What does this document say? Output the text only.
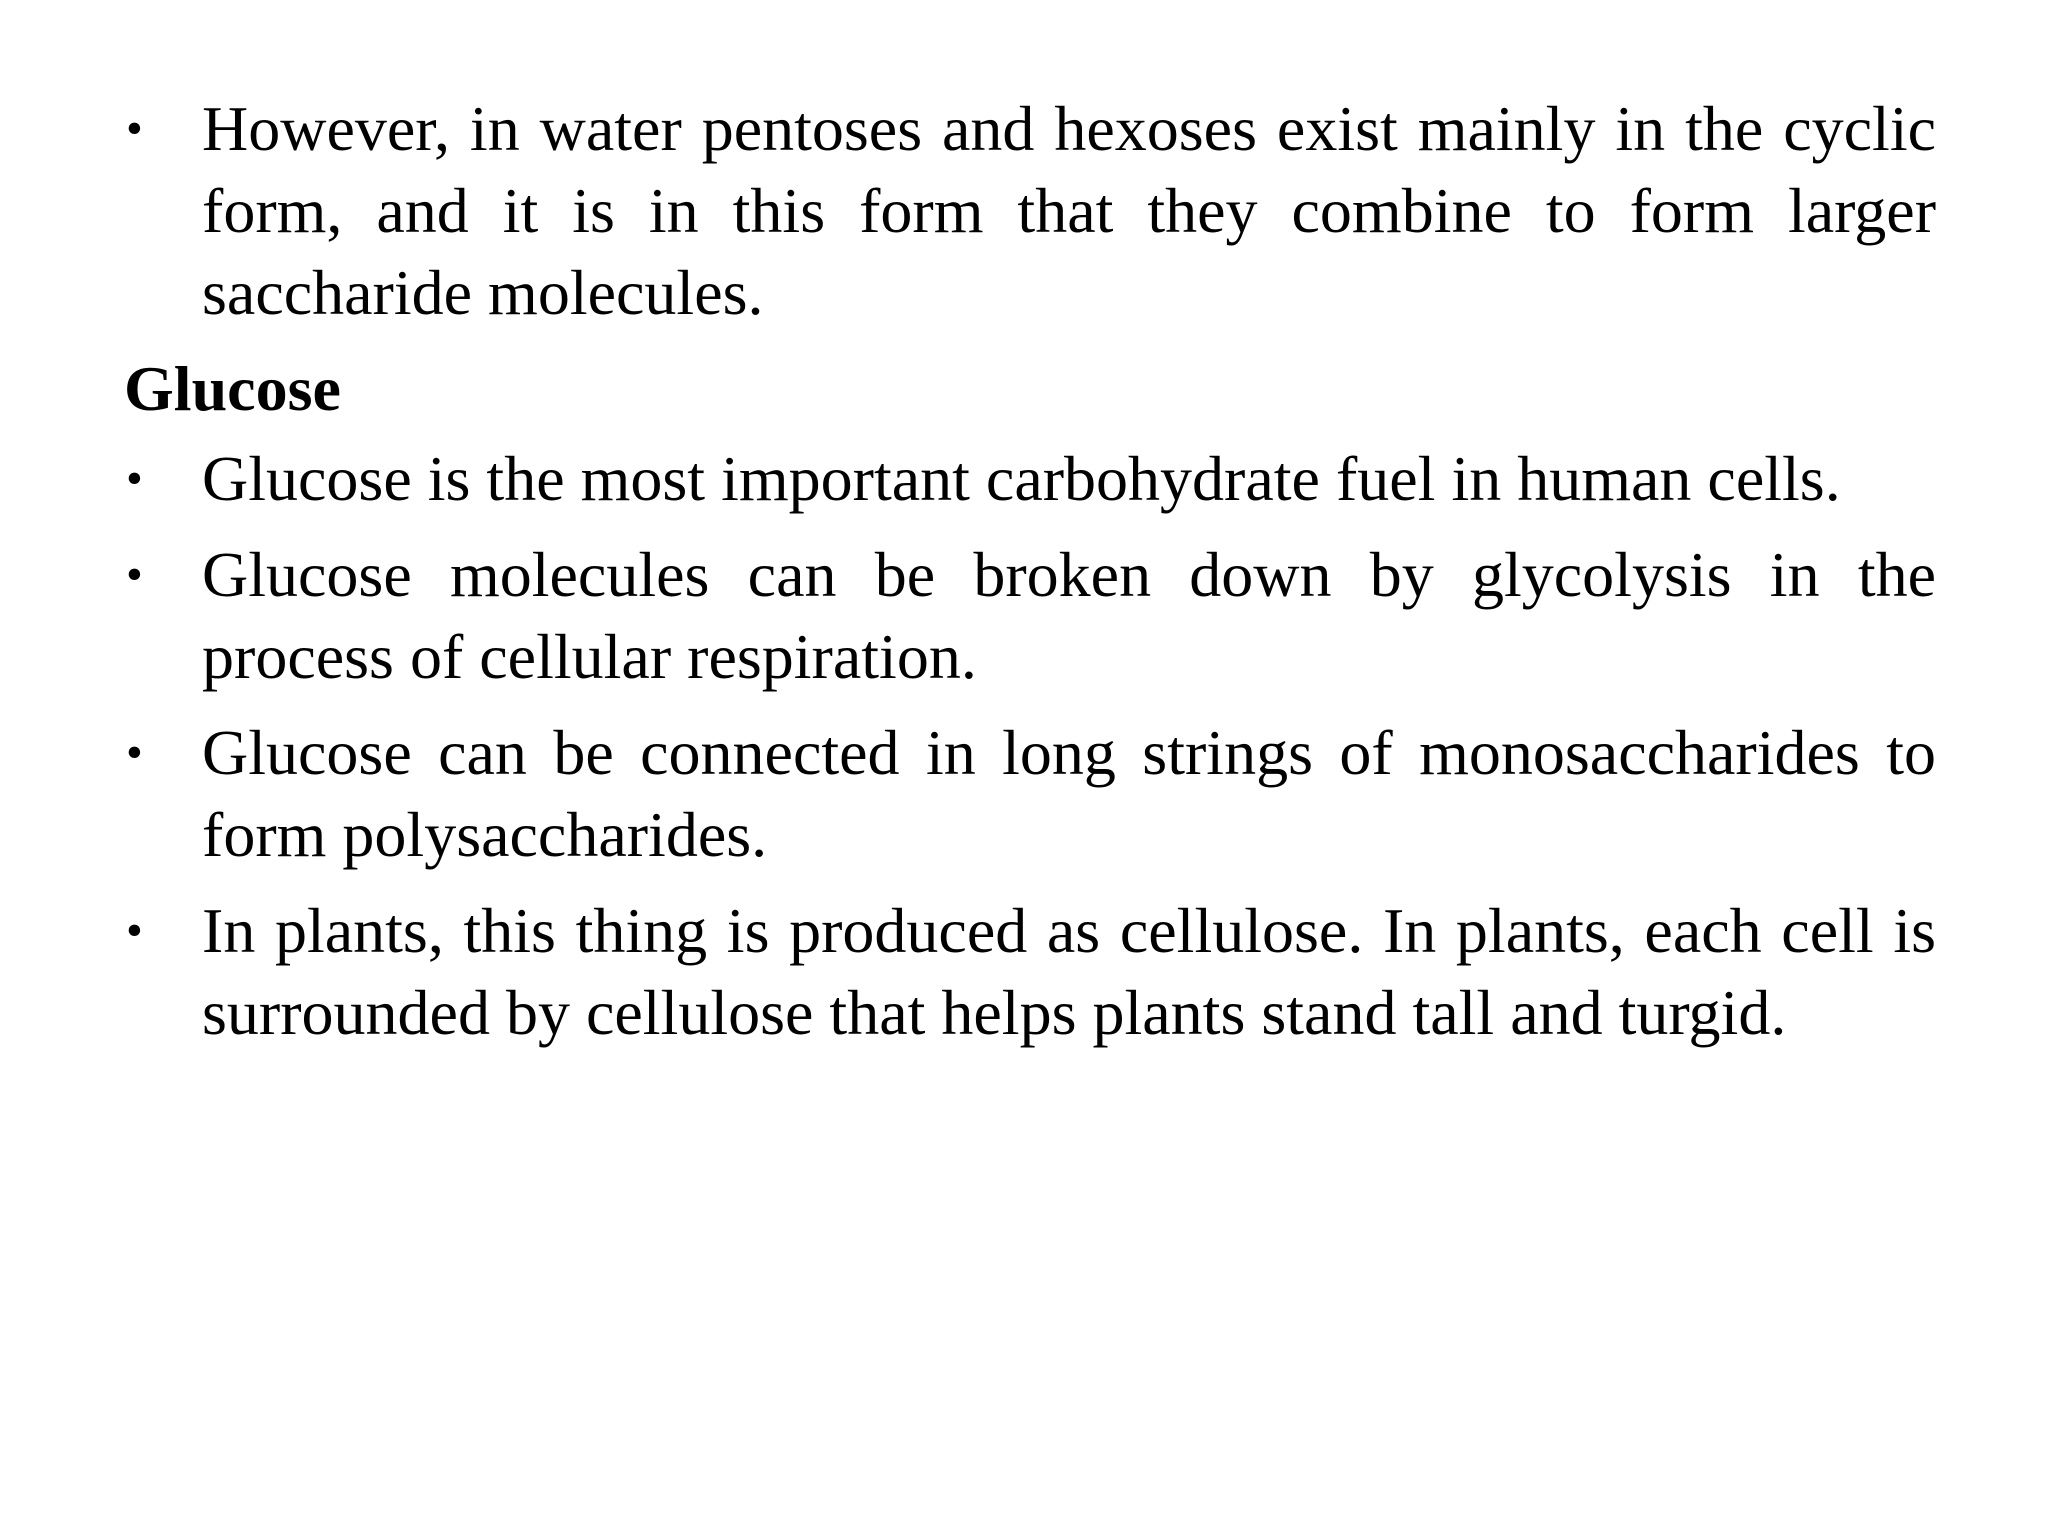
• However, in water pentoses and hexoses exist mainly in the cyclic form, and it is in this form that they combine to form larger saccharide molecules.
Glucose
• Glucose is the most important carbohydrate fuel in human cells.
• Glucose molecules can be broken down by glycolysis in the process of cellular respiration.
• Glucose can be connected in long strings of monosaccharides to form polysaccharides.
• In plants, this thing is produced as cellulose. In plants, each cell is surrounded by cellulose that helps plants stand tall and turgid.
